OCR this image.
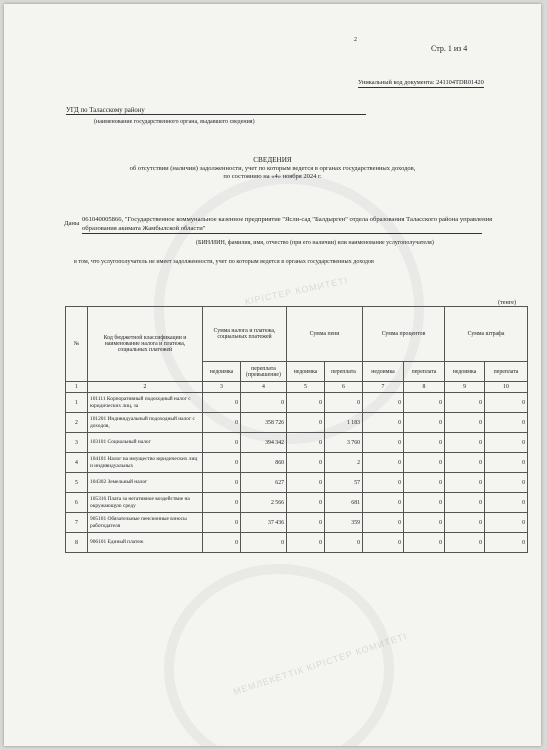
КІРІСТЕР КОМИТЕТІ
МЕМЛЕКЕТТІК КІРІСТЕР КОМИТЕТІ
2
Стр. 1 из 4
Уникальный код документа: 241104TDR01420
УГД по Таласскому району
(наименование государственного органа, выдавшего сведения)
СВЕДЕНИЯ
об отсутствии (наличии) задолженности, учет по которым ведется в органах государственных доходов,
по состоянию на «4» ноября 2024 г.
Даны
061040005866, "Государственное коммунальное казенное предприятие "Ясли-сад "Балдырген" отдела образования Таласского района управления образования акимата Жамбылской области"
(БИН/ИИН, фамилия, имя, отчество (при его наличии) или наименование услугополучателя)
в том, что услугополучатель не имеет задолженности, учет по которым ведется в органах государственных доходов
(тенге)
№	Код бюджетной классификации и наименование налога и платежа, социальных платежей	Сумма налога и платежа, социальных платежей		Сумма пени		Сумма процентов		Сумма штрафа	
		недоимка	переплата (превышение)	недоимка	переплата	недоимка	переплата	недоимка	переплата
1	2	3	4	5	6	7	8	9	10
1	101111 Корпоративный подоходный налог с юридических лиц, за	0	0	0	0	0	0	0	0
2	101201 Индивидуальный подоходный налог с доходов,	0	358 726	0	1 183	0	0	0	0
3	103101 Социальный налог	0	394 342	0	3 760	0	0	0	0
4	104101 Налог на имущество юридических лиц и индивидуальных	0	860	0	2	0	0	0	0
5	104302 Земельный налог	0	627	0	57	0	0	0	0
6	105316 Плата за негативное воздействие на окружающую среду	0	2 566	0	681	0	0	0	0
7	905101 Обязательные пенсионные взносы работодателя	0	37 436	0	359	0	0	0	0
8	906101 Единый платеж	0	0	0	0	0	0	0	0
